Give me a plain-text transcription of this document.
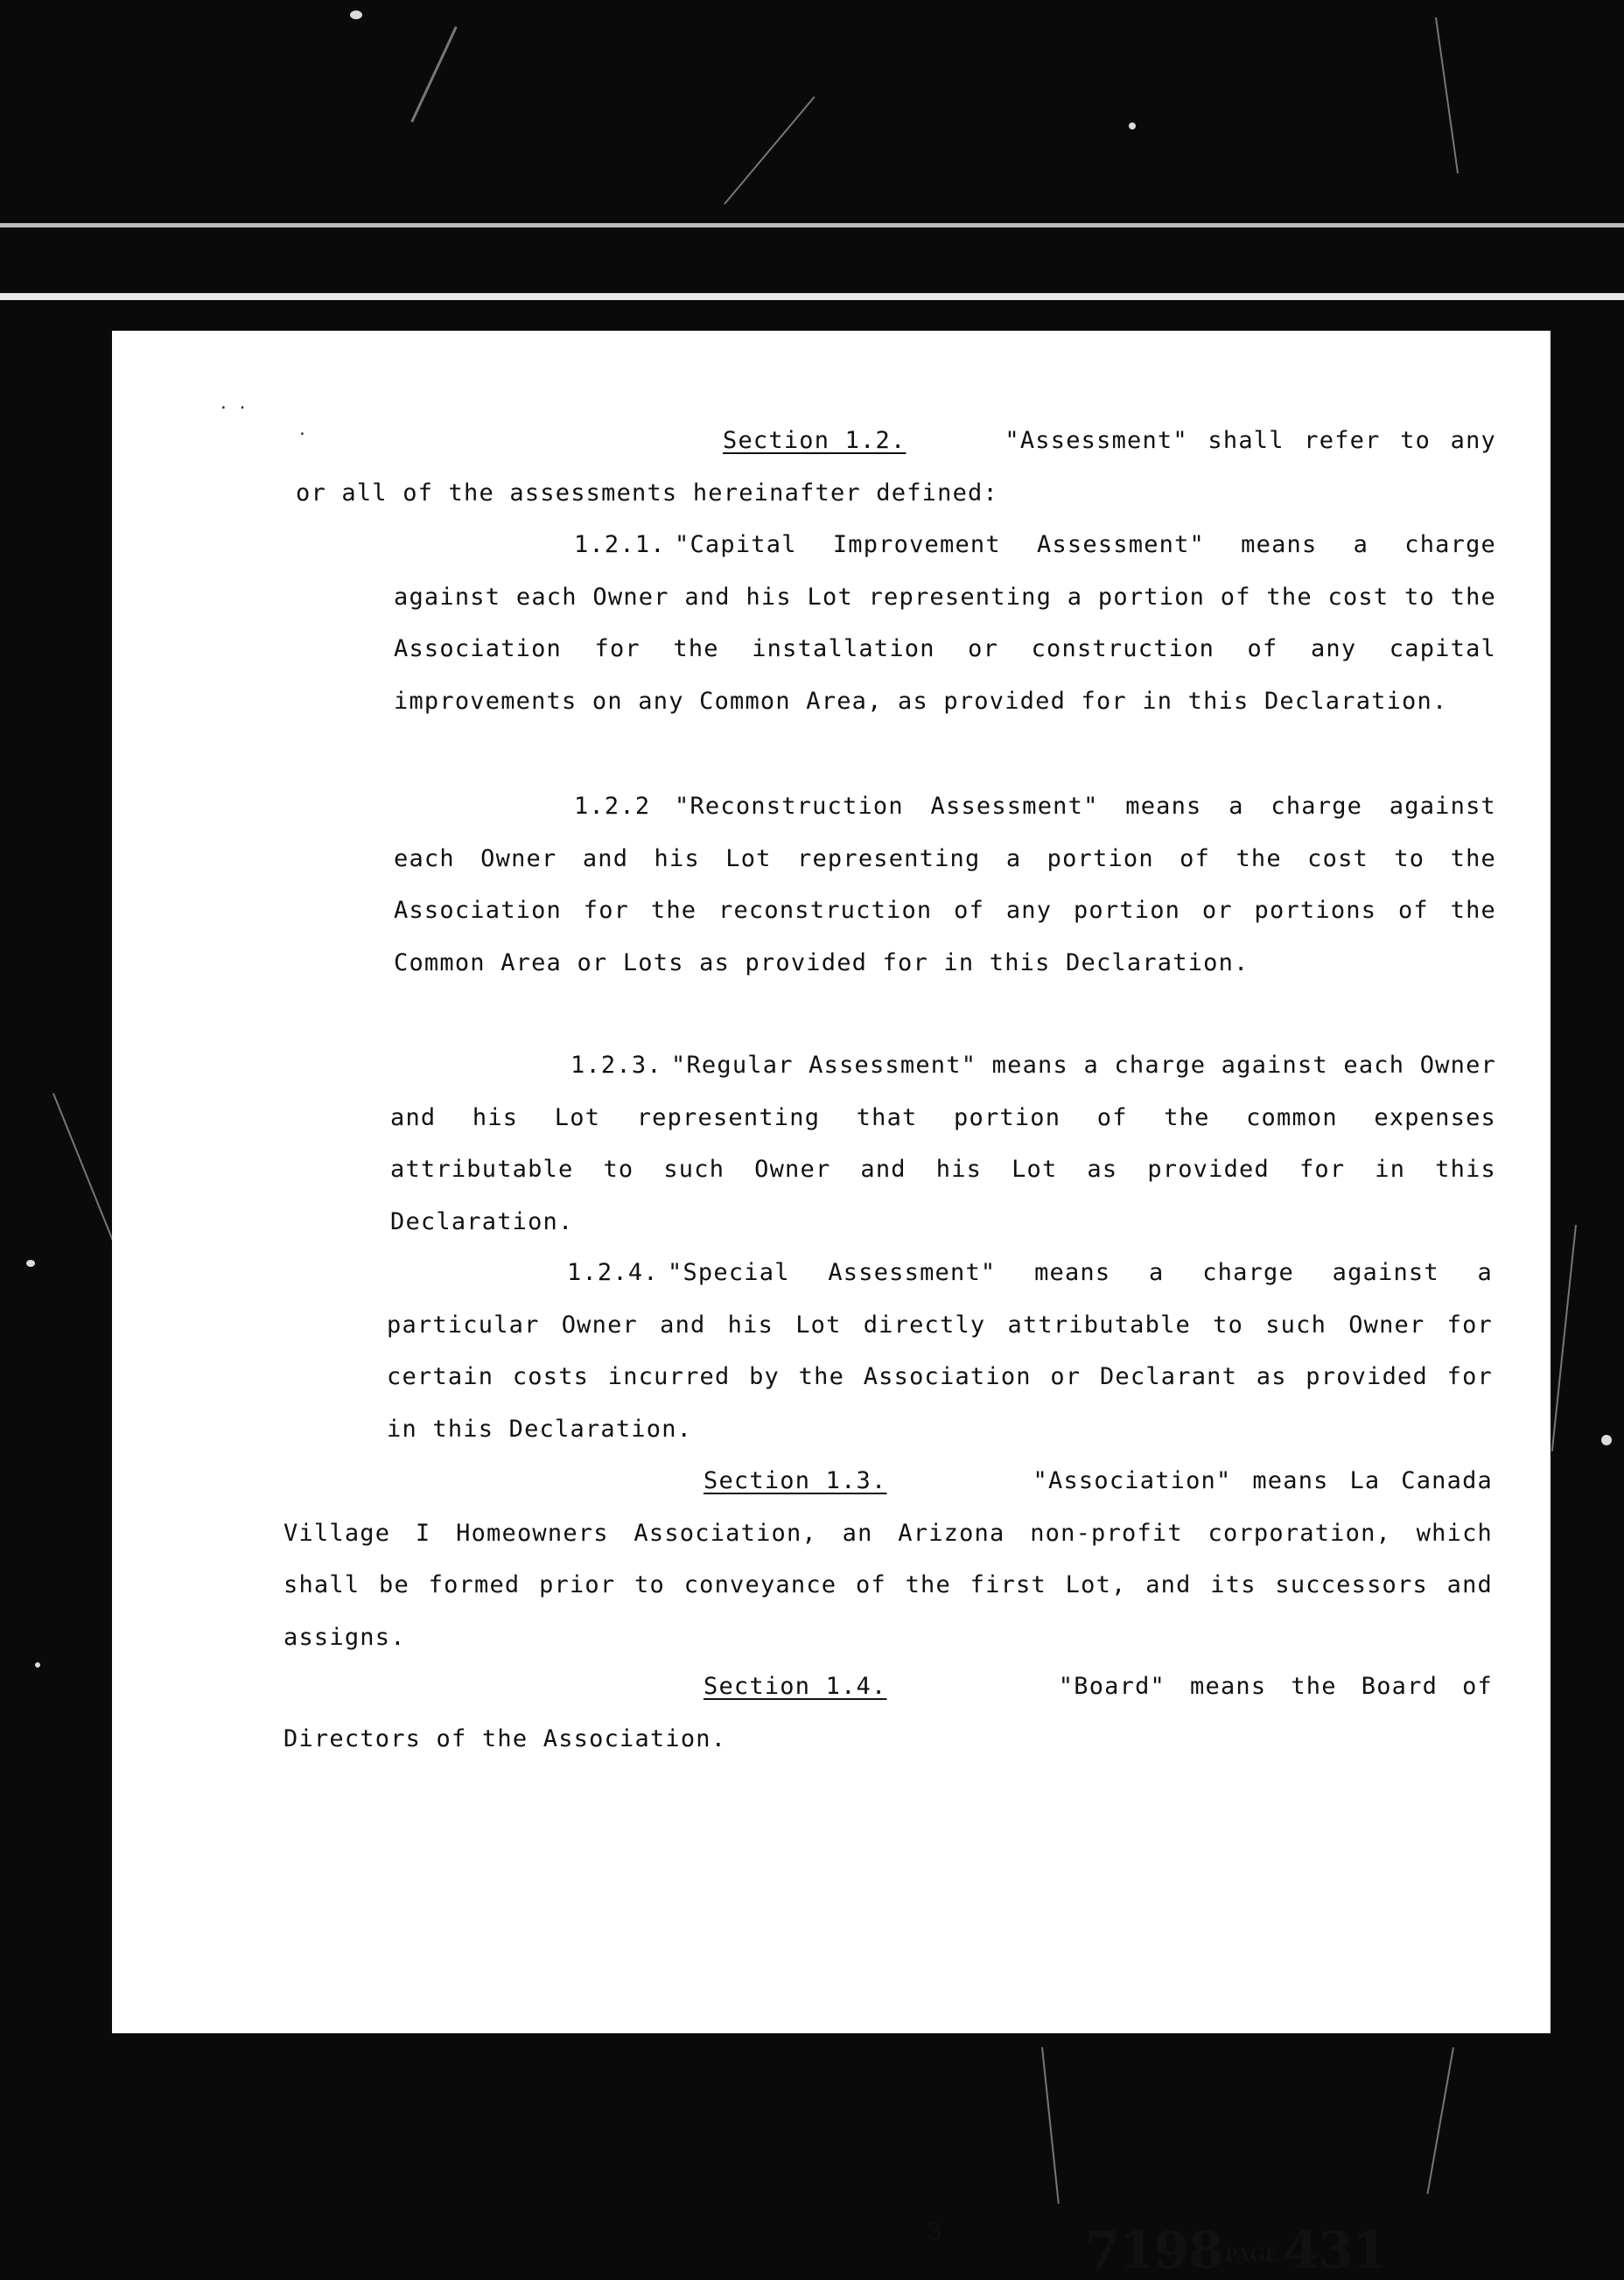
· ·
·	Section 1.2.	"Assessment" shall refer to any or all of the assessments hereinafter defined:

1.2.1. "Capital Improvement Assessment" means a charge against each Owner and his Lot representing a portion of the cost to the Association for the installation or construction of any capital improvements on any Common Area, as provided for in this Declaration.

1.2.2 "Reconstruction Assessment" means a charge against each Owner and his Lot representing a portion of the cost to the Association for the reconstruction of any portion or portions of the Common Area or Lots as provided for in this Declaration.

1.2.3. "Regular Assessment" means a charge against each Owner and his Lot representing that portion of the common expenses attributable to such Owner and his Lot as provided for in this Declaration.

1.2.4. "Special Assessment" means a charge against a particular Owner and his Lot directly attributable to such Owner for certain costs incurred by the Association or Declarant as provided for in this Declaration.

Section 1.3.	"Association" means La Canada Village I Homeowners Association, an Arizona non-profit corporation, which shall be formed prior to conveyance of the first Lot, and its successors and assigns.

Section 1.4.	"Board" means the Board of Directors of the Association.

3	7198 PAGE 431
